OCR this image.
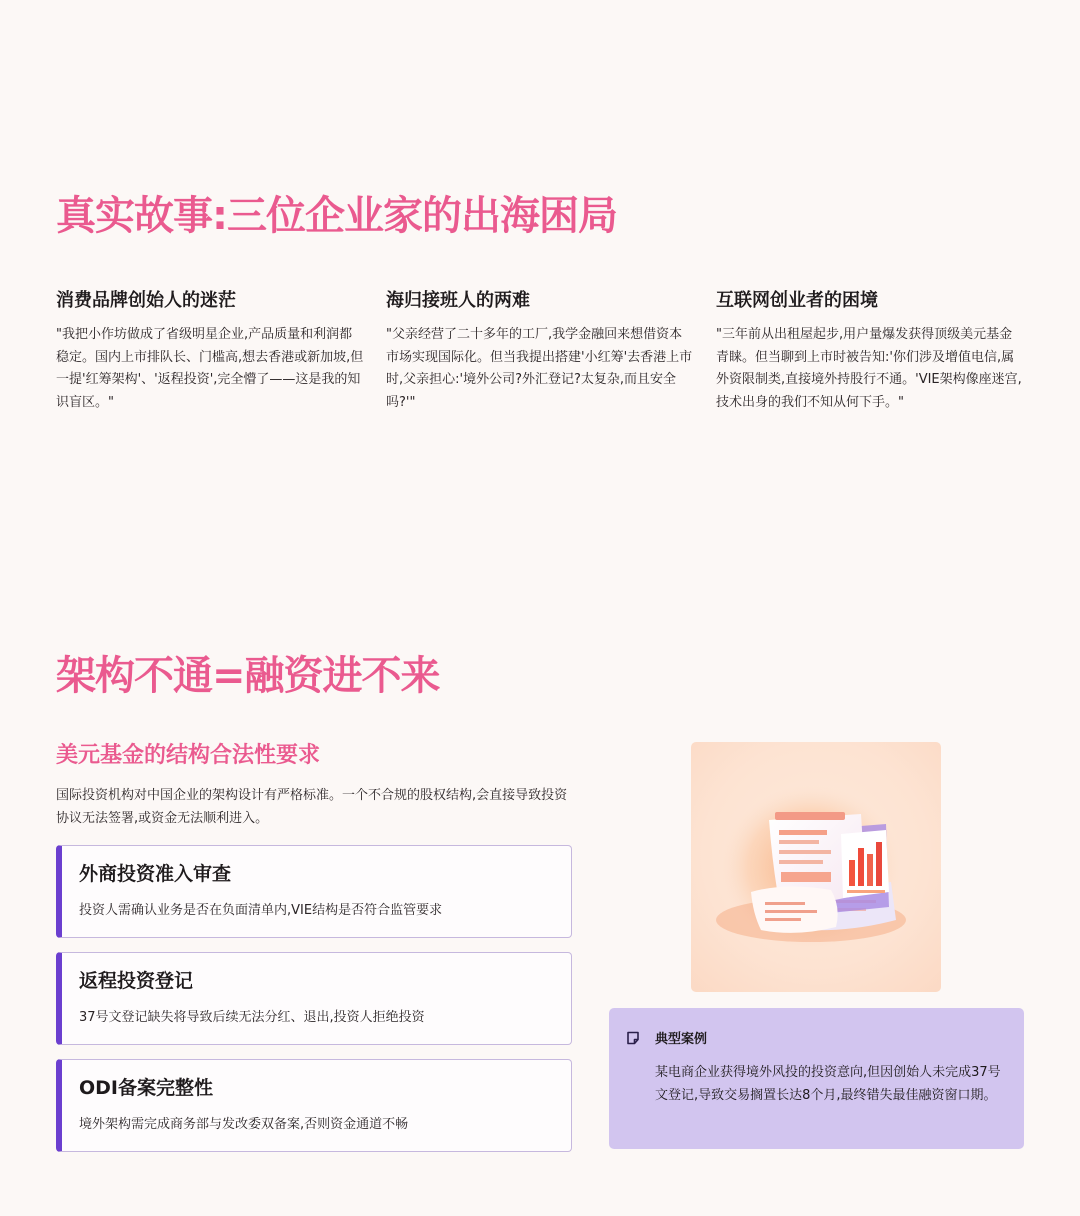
真实故事:三位企业家的出海困局
消费品牌创始人的迷茫

"我把小作坊做成了省级明星企业,产品质量和利润都稳定。国内上市排队长、门槛高,想去香港或新加坡,但一提'红筹架构'、'返程投资',完全懵了——这是我的知识盲区。"

海归接班人的两难

"父亲经营了二十多年的工厂,我学金融回来想借资本市场实现国际化。但当我提出搭建'小红筹'去香港上市时,父亲担心:'境外公司?外汇登记?太复杂,而且安全吗?'"

互联网创业者的困境

"三年前从出租屋起步,用户量爆发获得顶级美元基金青睐。但当聊到上市时被告知:'你们涉及增值电信,属外资限制类,直接境外持股行不通。'VIE架构像座迷宫,技术出身的我们不知从何下手。"

架构不通=融资进不来
美元基金的结构合法性要求

国际投资机构对中国企业的架构设计有严格标准。一个不合规的股权结构,会直接导致投资协议无法签署,或资金无法顺利进入。

外商投资准入审查

投资人需确认业务是否在负面清单内,VIE结构是否符合监管要求

返程投资登记

37号文登记缺失将导致后续无法分红、退出,投资人拒绝投资

ODI备案完整性

境外架构需完成商务部与发改委双备案,否则资金通道不畅

典型案例

某电商企业获得境外风投的投资意向,但因创始人未完成37号文登记,导致交易搁置长达8个月,最终错失最佳融资窗口期。
